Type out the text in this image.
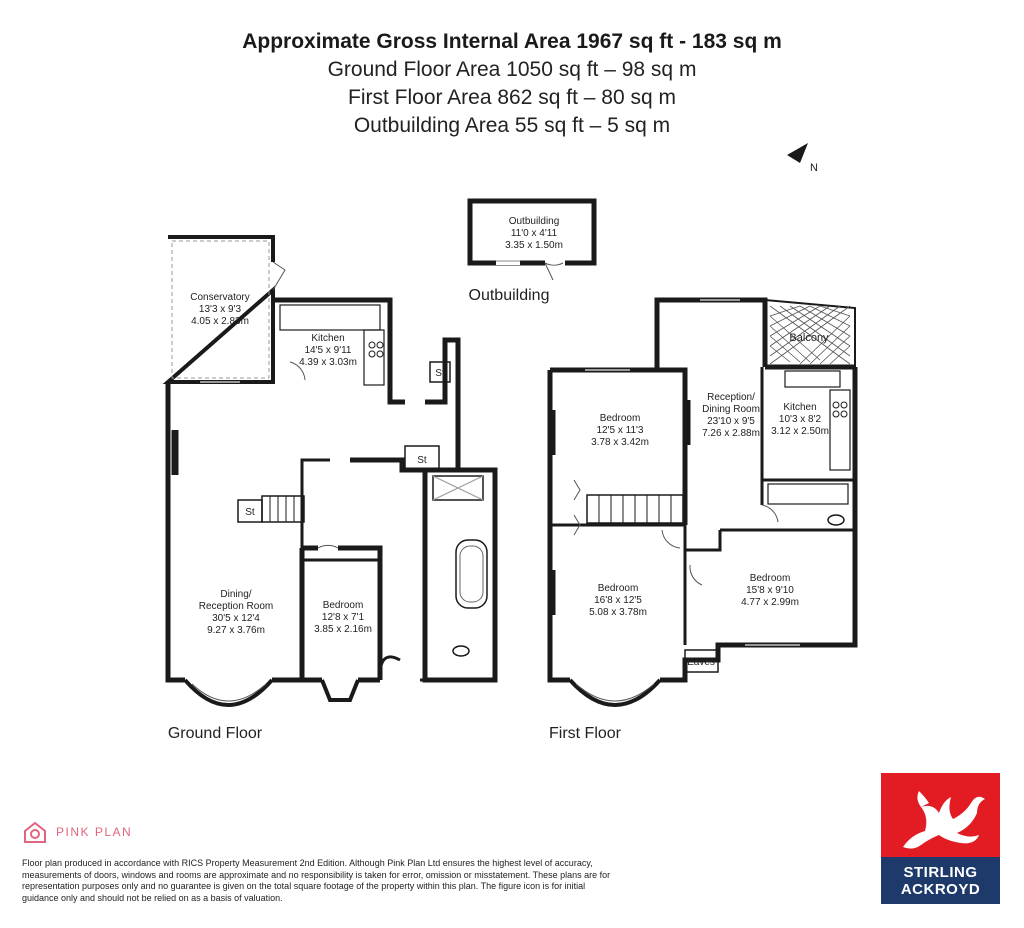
Approximate Gross Internal Area 1967 sq ft - 183 sq m
Ground Floor Area 1050 sq ft – 98 sq m
First Floor Area 862 sq ft – 80 sq m
Outbuilding Area 55 sq ft – 5 sq m
N
Outbuilding
11'0 x 4'11
3.35 x 1.50m
Outbuilding
Conservatory
13'3 x 9'3
4.05 x 2.83m
Kitchen
14'5 x 9'11
4.39 x 3.03m
Dining/
Reception Room
30'5 x 12'4
9.27 x 3.76m
Bedroom
12'8 x 7'1
3.85 x 2.16m
St
St
St
Ground Floor
Bedroom
12'5 x 11'3
3.78 x 3.42m
Reception/
Dining Room
23'10 x 9'5
7.26 x 2.88m
Kitchen
10'3 x 8'2
3.12 x 2.50m
Balcony
Bedroom
16'8 x 12'5
5.08 x 3.78m
Bedroom
15'8 x 9'10
4.77 x 2.99m
Eaves
First Floor
PINK PLAN
Floor plan produced in accordance with RICS Property Measurement 2nd Edition. Although Pink Plan Ltd ensures the highest level of accuracy, measurements of doors, windows and rooms are approximate and no responsibility is taken for error, omission or misstatement. These plans are for representation purposes only and no guarantee is given on the total square footage of the property within this plan. The figure icon is for initial guidance only and should not be relied on as a basis of valuation.
STIRLING
ACKROYD
